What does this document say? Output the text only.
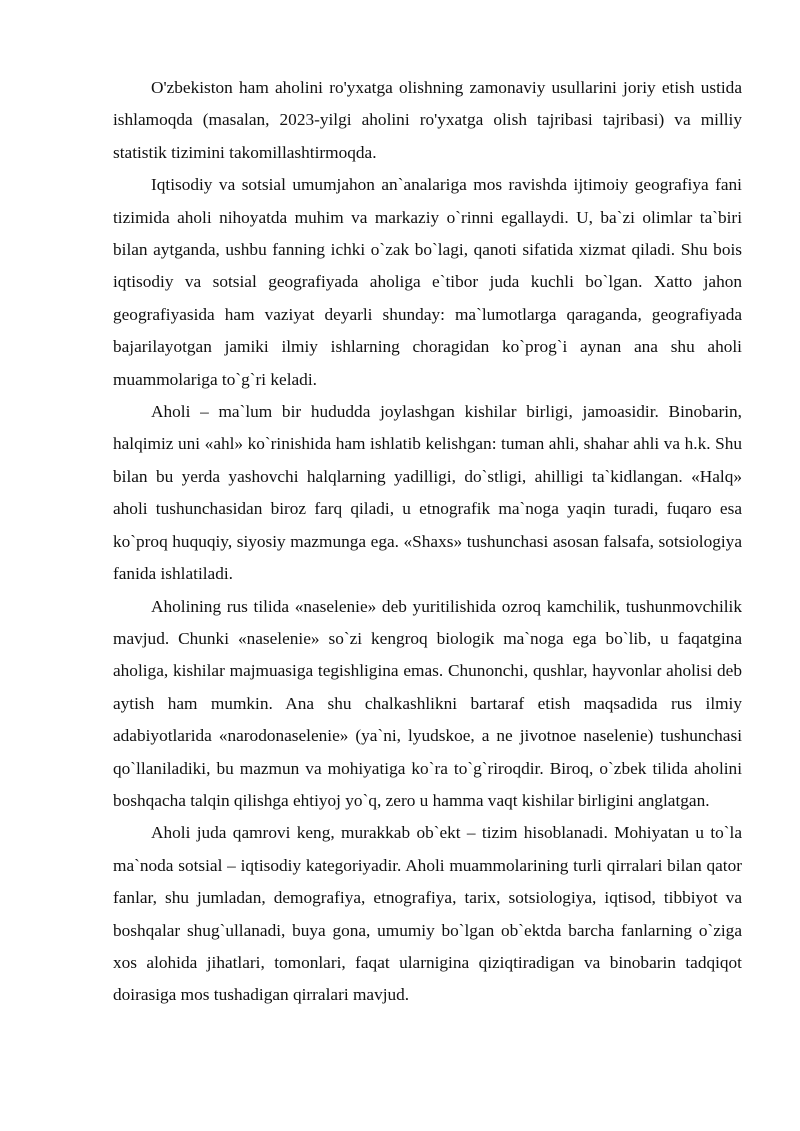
O'zbekiston ham aholini ro'yxatga olishning zamonaviy usullarini joriy etish ustida ishlamoqda (masalan, 2023-yilgi aholini ro'yxatga olish tajribasi tajribasi) va milliy statistik tizimini takomillashtirmoqda.

Iqtisodiy va sotsial umumjahon an`analariga mos ravishda ijtimoiy geografiya fani tizimida aholi nihoyatda muhim va markaziy o`rinni egallaydi. U, ba`zi olimlar ta`biri bilan aytganda, ushbu fanning ichki o`zak bo`lagi, qanoti sifatida xizmat qiladi. Shu bois iqtisodiy va sotsial geografiyada aholiga e`tibor juda kuchli bo`lgan. Xatto jahon geografiyasida ham vaziyat deyarli shunday: ma`lumotlarga qaraganda, geografiyada bajarilayotgan jamiki ilmiy ishlarning choragidan ko`prog`i aynan ana shu aholi muammolariga to`g`ri keladi.

Aholi – ma`lum bir hududda joylashgan kishilar birligi, jamoasidir. Binobarin, halqimiz uni «ahl» ko`rinishida ham ishlatib kelishgan: tuman ahli, shahar ahli va h.k. Shu bilan bu yerda yashovchi halqlarning yadilligi, do`stligi, ahilligi ta`kidlangan. «Halq» aholi tushunchasidan biroz farq qiladi, u etnografik ma`noga yaqin turadi, fuqaro esa ko`proq huquqiy, siyosiy mazmunga ega. «Shaxs» tushunchasi asosan falsafa, sotsiologiya fanida ishlatiladi.

Aholining rus tilida «naselenie» deb yuritilishida ozroq kamchilik, tushunmovchilik mavjud. Chunki «naselenie» so`zi kengroq biologik ma`noga ega bo`lib, u faqatgina aholiga, kishilar majmuasiga tegishligina emas. Chunonchi, qushlar, hayvonlar aholisi deb aytish ham mumkin. Ana shu chalkashlikni bartaraf etish maqsadida rus ilmiy adabiyotlarida «narodonaselenie» (ya`ni, lyudskoe, a ne jivotnoe naselenie) tushunchasi qo`llaniladiki, bu mazmun va mohiyatiga ko`ra to`g`riroqdir. Biroq, o`zbek tilida aholini boshqacha talqin qilishga ehtiyoj yo`q, zero u hamma vaqt kishilar birligini anglatgan.

Aholi juda qamrovi keng, murakkab ob`ekt – tizim hisoblanadi. Mohiyatan u to`la ma`noda sotsial – iqtisodiy kategoriyadir. Aholi muammolarining turli qirralari bilan qator fanlar, shu jumladan, demografiya, etnografiya, tarix, sotsiologiya, iqtisod, tibbiyot va boshqalar shug`ullanadi, buya gona, umumiy bo`lgan ob`ektda barcha fanlarning o`ziga xos alohida jihatlari, tomonlari, faqat ularnigina qiziqtiradigan va binobarin tadqiqot doirasiga mos tushadigan qirralari mavjud.
